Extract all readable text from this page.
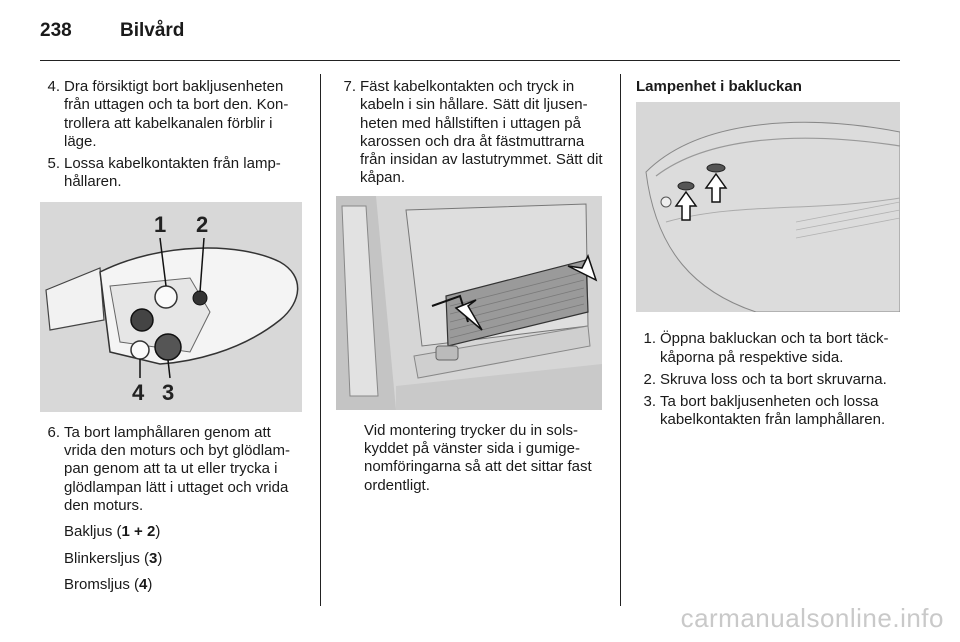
238	Bilvård
4. Dra försiktigt bort bakljusenheten från uttagen och ta bort den. Kontrollera att kabelkanalen förblir i läge.
5. Lossa kabelkontakten från lamphållaren.
1 2
3
4
6. Ta bort lamphållaren genom att vrida den moturs och byt glödlampan genom att ta ut eller trycka i glödlampan lätt i uttaget och vrida den moturs.
Bakljus (1 + 2)
Blinkersljus (3)
Bromsljus (4)
7. Fäst kabelkontakten och tryck in kabeln i sin hållare. Sätt dit ljusenheten med hållstiften i uttagen på karossen och dra åt fästmuttrarna från insidan av lastutrymmet. Sätt dit kåpan.
Vid montering trycker du in solskyddet på vänster sida i gumigenomföringarna så att det sittar fast ordentligt.
Lampenhet i bakluckan
1. Öppna bakluckan och ta bort täckkåporna på respektive sida.
2. Skruva loss och ta bort skruvarna.
3. Ta bort bakljusenheten och lossa kabelkontakten från lamphållaren.
carmanualsonline.info
